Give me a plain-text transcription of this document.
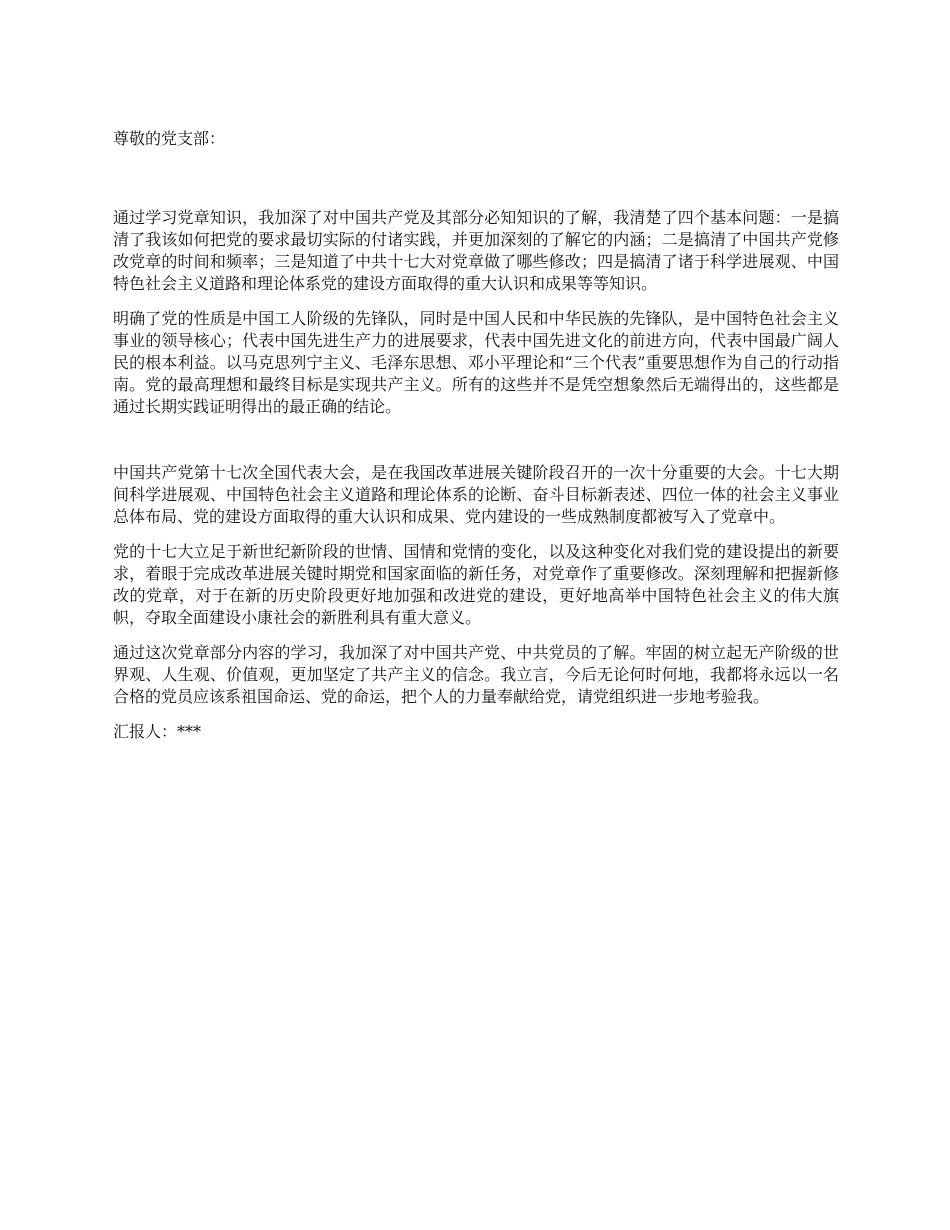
尊敬的党支部：

通过学习党章知识，我加深了对中国共产党及其部分必知知识的了解，我清楚了四个基本问题：一是搞清了我该如何把党的要求最切实际的付诸实践，并更加深刻的了解它的内涵；二是搞清了中国共产党修改党章的时间和频率；三是知道了中共十七大对党章做了哪些修改；四是搞清了诸于科学进展观、中国特色社会主义道路和理论体系党的建设方面取得的重大认识和成果等等知识。

明确了党的性质是中国工人阶级的先锋队，同时是中国人民和中华民族的先锋队，是中国特色社会主义事业的领导核心；代表中国先进生产力的进展要求，代表中国先进文化的前进方向，代表中国最广阔人民的根本利益。以马克思列宁主义、毛泽东思想、邓小平理论和“三个代表”重要思想作为自己的行动指南。党的最高理想和最终目标是实现共产主义。所有的这些并不是凭空想象然后无端得出的，这些都是通过长期实践证明得出的最正确的结论。

中国共产党第十七次全国代表大会，是在我国改革进展关键阶段召开的一次十分重要的大会。十七大期间科学进展观、中国特色社会主义道路和理论体系的论断、奋斗目标新表述、四位一体的社会主义事业总体布局、党的建设方面取得的重大认识和成果、党内建设的一些成熟制度都被写入了党章中。

党的十七大立足于新世纪新阶段的世情、国情和党情的变化，以及这种变化对我们党的建设提出的新要求，着眼于完成改革进展关键时期党和国家面临的新任务，对党章作了重要修改。深刻理解和把握新修改的党章，对于在新的历史阶段更好地加强和改进党的建设，更好地高举中国特色社会主义的伟大旗帜，夺取全面建设小康社会的新胜利具有重大意义。

通过这次党章部分内容的学习，我加深了对中国共产党、中共党员的了解。牢固的树立起无产阶级的世界观、人生观、价值观，更加坚定了共产主义的信念。我立言，今后无论何时何地，我都将永远以一名合格的党员应该系祖国命运、党的命运，把个人的力量奉献给党，请党组织进一步地考验我。

汇报人：***
